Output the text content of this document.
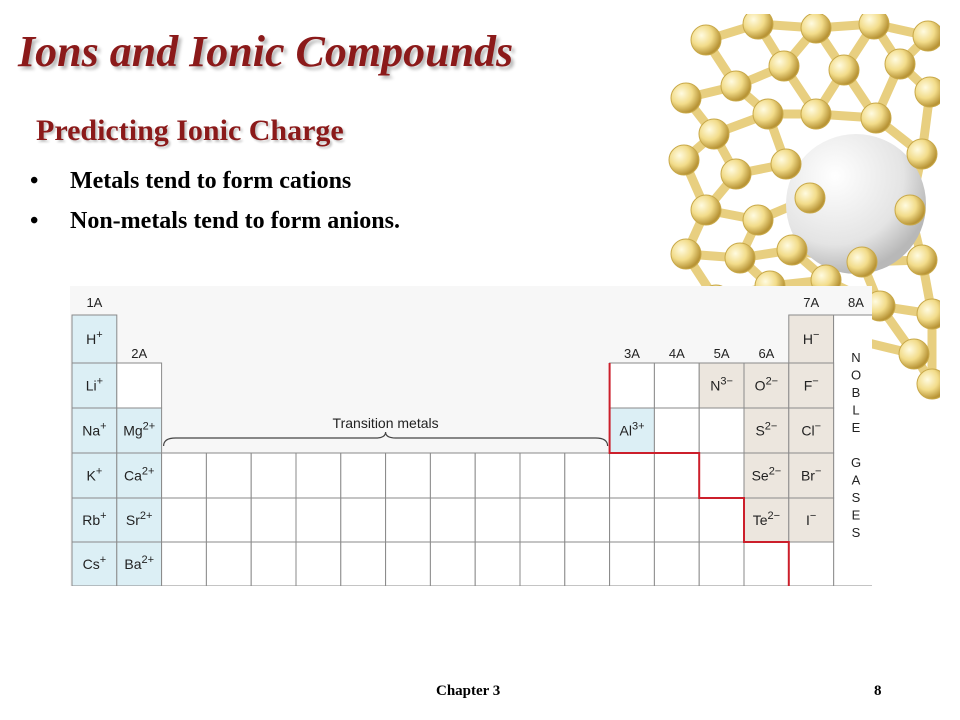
Ions and Ionic Compounds
Predicting Ionic Charge
• Metals tend to form cations
• Non-metals tend to form anions.
Transition metals
1A
2A	3A 4A 5A 6A
7A 8A
H+
Li+
Na+
K+
Rb+
Cs+
$Mg^{2+}$
$Ca^{2+}$
$Sr^{2+}$
$Ba^{2+}$
$Al^{3+}$
$N^{3-}$ $O^{2-}$
$S^{2-}$
$Se^{2-}$
$Te^{2-}$
H−
F−
Cl−
Br−
I−
N
O
B
L
E
G
A
S
E
S
Chapter 3	8
